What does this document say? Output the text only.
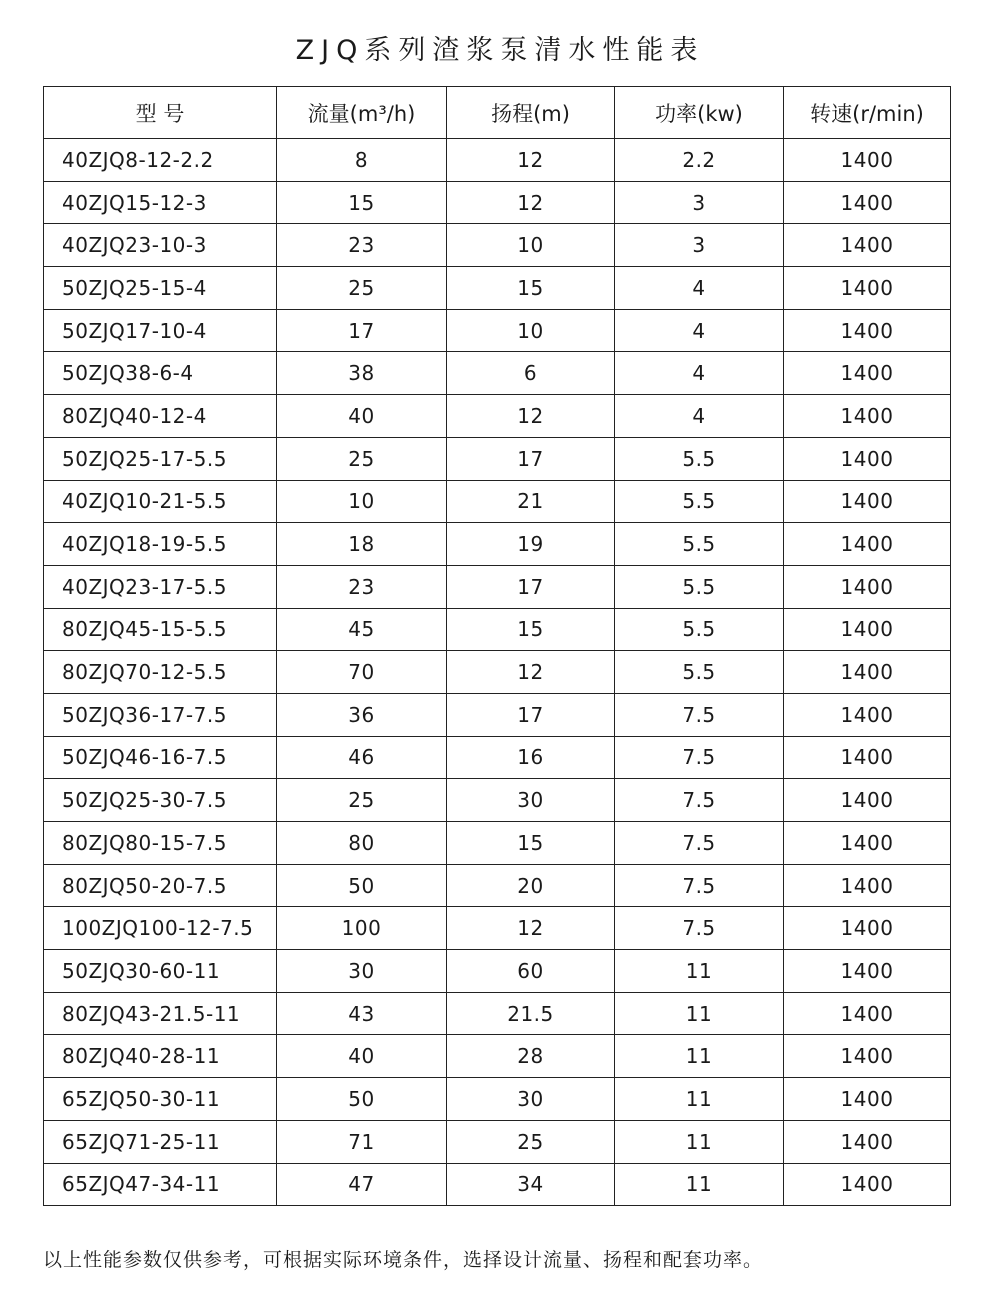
ZJQ系列渣浆泵清水性能表
型 号	流量(m³/h)	扬程(m)	功率(kw)	转速(r/min)
40ZJQ8-12-2.2	8	12	2.2	1400
40ZJQ15-12-3	15	12	3	1400
40ZJQ23-10-3	23	10	3	1400
50ZJQ25-15-4	25	15	4	1400
50ZJQ17-10-4	17	10	4	1400
50ZJQ38-6-4	38	6	4	1400
80ZJQ40-12-4	40	12	4	1400
50ZJQ25-17-5.5	25	17	5.5	1400
40ZJQ10-21-5.5	10	21	5.5	1400
40ZJQ18-19-5.5	18	19	5.5	1400
40ZJQ23-17-5.5	23	17	5.5	1400
80ZJQ45-15-5.5	45	15	5.5	1400
80ZJQ70-12-5.5	70	12	5.5	1400
50ZJQ36-17-7.5	36	17	7.5	1400
50ZJQ46-16-7.5	46	16	7.5	1400
50ZJQ25-30-7.5	25	30	7.5	1400
80ZJQ80-15-7.5	80	15	7.5	1400
80ZJQ50-20-7.5	50	20	7.5	1400
100ZJQ100-12-7.5	100	12	7.5	1400
50ZJQ30-60-11	30	60	11	1400
80ZJQ43-21.5-11	43	21.5	11	1400
80ZJQ40-28-11	40	28	11	1400
65ZJQ50-30-11	50	30	11	1400
65ZJQ71-25-11	71	25	11	1400
65ZJQ47-34-11	47	34	11	1400
以上性能参数仅供参考，可根据实际环境条件，选择设计流量、扬程和配套功率。
